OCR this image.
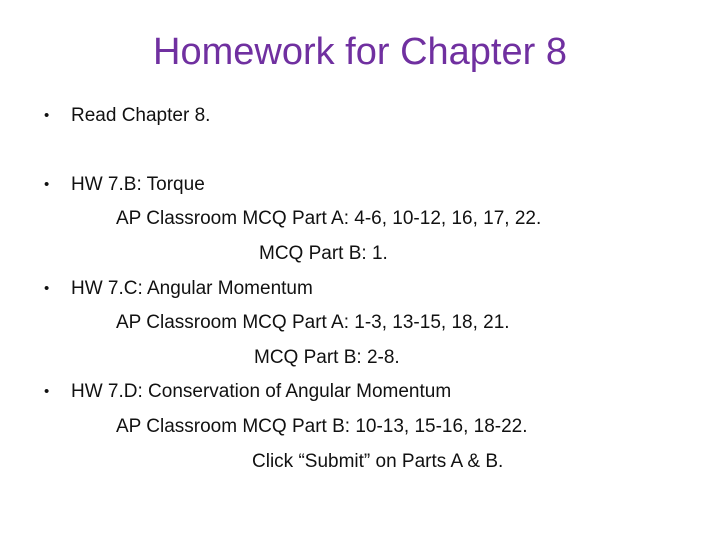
Homework for Chapter 8
• Read Chapter 8.

• HW 7.B: Torque

AP Classroom MCQ Part A: 4-6, 10-12, 16, 17, 22.

MCQ Part B: 1.

• HW 7.C: Angular Momentum

AP Classroom MCQ Part A: 1-3, 13-15, 18, 21.

MCQ Part B: 2-8.

• HW 7.D: Conservation of Angular Momentum

AP Classroom MCQ Part B: 10-13, 15-16, 18-22.

Click “Submit” on Parts A & B.
